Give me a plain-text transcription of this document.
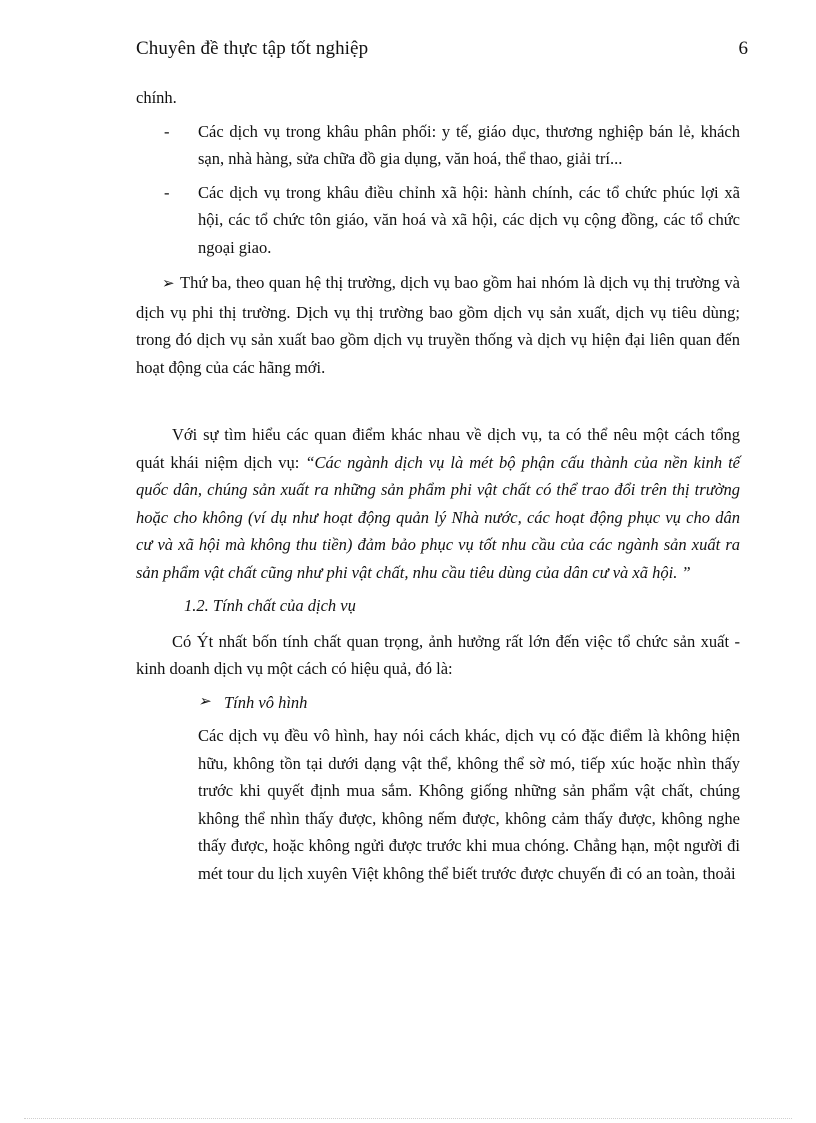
Chuyên đề thực tập tốt nghiệp	6

chính.

-	Các dịch vụ trong khâu phân phối: y tế, giáo dục, thương nghiệp bán lẻ, khách sạn, nhà hàng, sửa chữa đồ gia dụng, văn hoá, thể thao, giải trí...

-	Các dịch vụ trong khâu điều chỉnh xã hội: hành chính, các tổ chức phúc lợi xã hội, các tổ chức tôn giáo, văn hoá và xã hội, các dịch vụ cộng đồng, các tổ chức ngoại giao.

➢ Thứ ba, theo quan hệ thị trường, dịch vụ bao gồm hai nhóm là dịch vụ thị trường và dịch vụ phi thị trường. Dịch vụ thị trường bao gồm dịch vụ sản xuất, dịch vụ tiêu dùng; trong đó dịch vụ sản xuất bao gồm dịch vụ truyền thống và dịch vụ hiện đại liên quan đến hoạt động của các hãng mới.

Với sự tìm hiểu các quan điểm khác nhau về dịch vụ, ta có thể nêu một cách tổng quát khái niệm dịch vụ: “Các ngành dịch vụ là mét bộ phận cấu thành của nền kinh tế quốc dân, chúng sản xuất ra những sản phẩm phi vật chất có thể trao đổi trên thị trường hoặc cho không (ví dụ như hoạt động quản lý Nhà nước, các hoạt động phục vụ cho dân cư và xã hội mà không thu tiền) đảm bảo phục vụ tốt nhu cầu của các ngành sản xuất ra sản phẩm vật chất cũng như phi vật chất, nhu cầu tiêu dùng của dân cư và xã hội. ”

1.2. Tính chất của dịch vụ

Có Ýt nhất bốn tính chất quan trọng, ảnh hưởng rất lớn đến việc tổ chức sản xuất - kinh doanh dịch vụ một cách có hiệu quả, đó là:

➢ Tính vô hình

Các dịch vụ đều vô hình, hay nói cách khác, dịch vụ có đặc điểm là không hiện hữu, không tồn tại dưới dạng vật thể, không thể sờ mó, tiếp xúc hoặc nhìn thấy trước khi quyết định mua sắm. Không giống những sản phẩm vật chất, chúng không thể nhìn thấy được, không nếm được, không cảm thấy được, không nghe thấy được, hoặc không ngửi được trước khi mua chóng. Chẳng hạn, một người đi mét tour du lịch xuyên Việt không thể biết trước được chuyến đi có an toàn, thoải
